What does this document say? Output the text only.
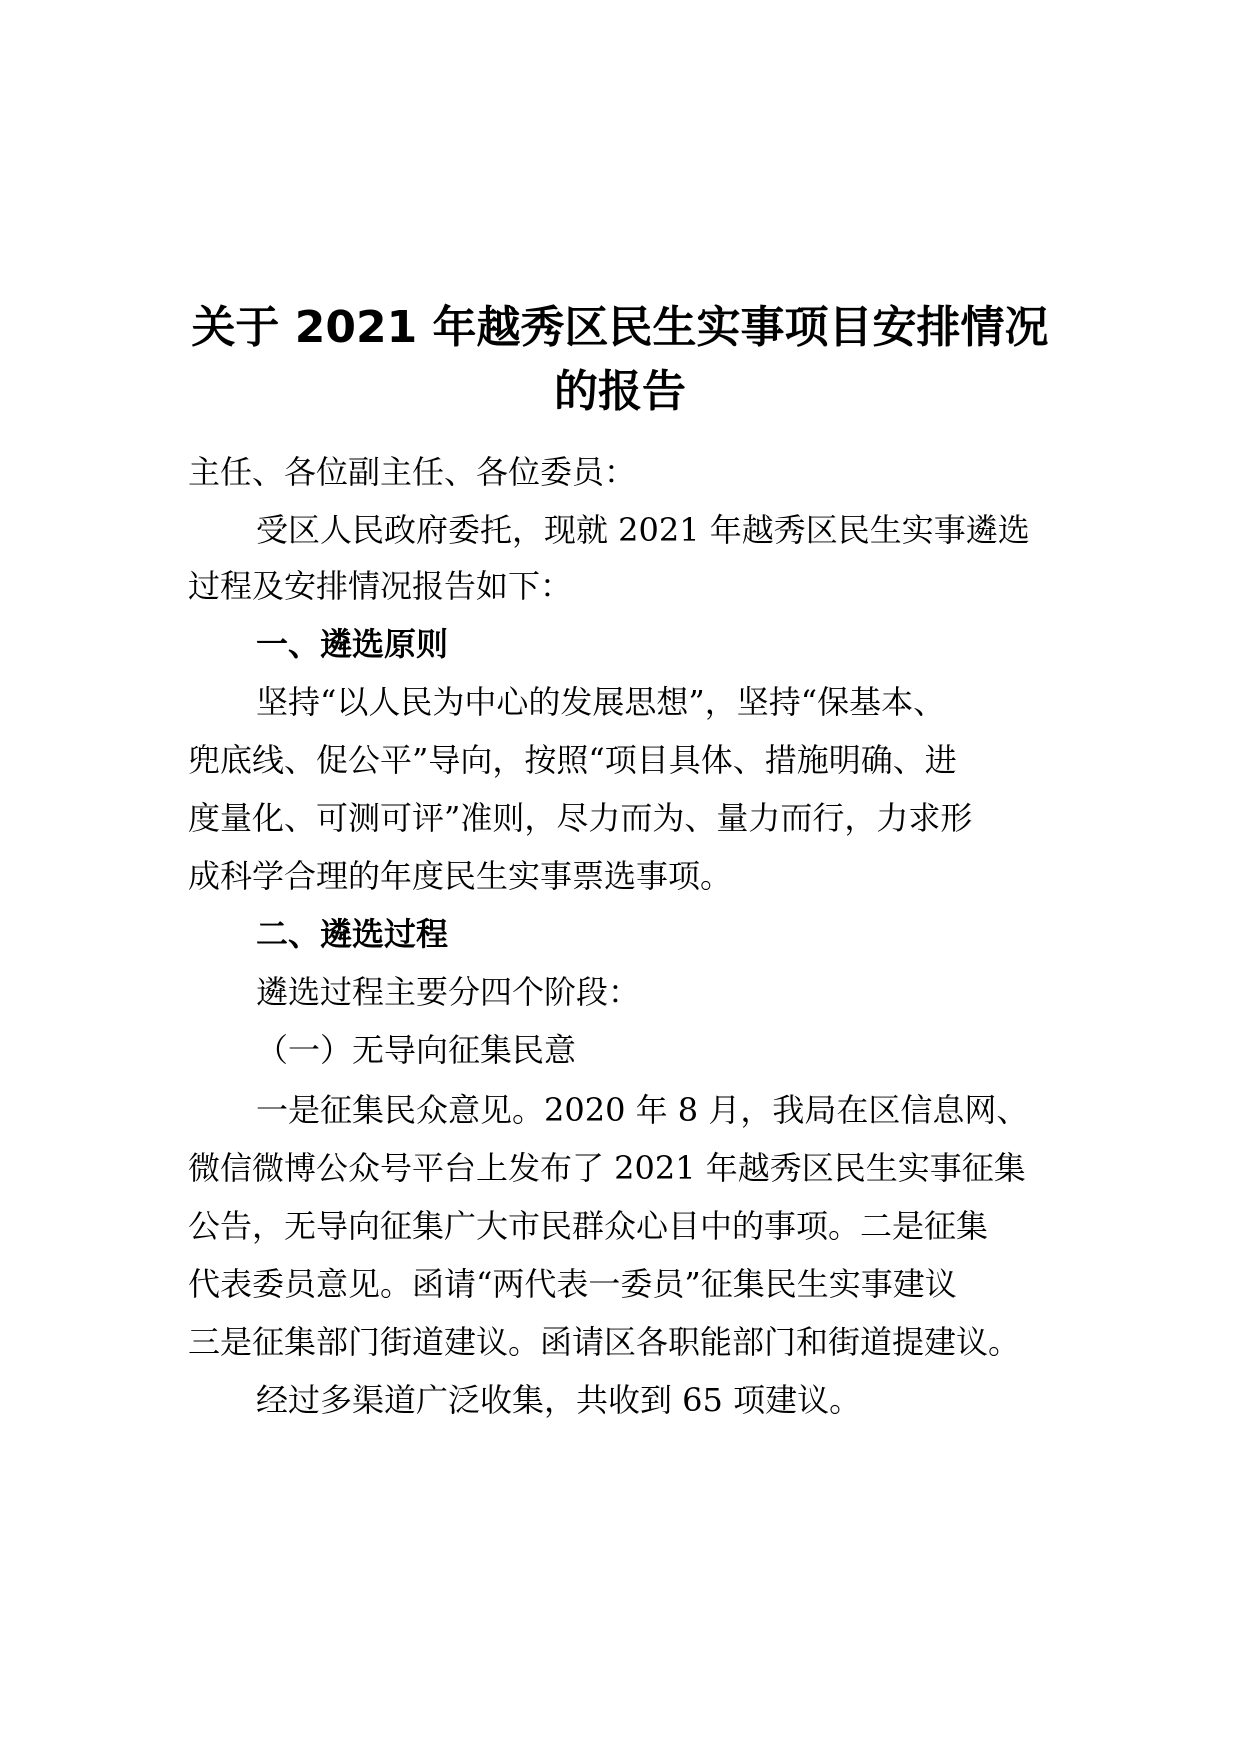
关于 2021 年越秀区民生实事项目安排情况
的报告
主任、各位副主任、各位委员：
受区人民政府委托，现就 2021 年越秀区民生实事遴选
过程及安排情况报告如下：
一、遴选原则
坚持“以人民为中心的发展思想”，坚持“保基本、
兜底线、促公平”导向，按照“项目具体、措施明确、进
度量化、可测可评”准则，尽力而为、量力而行，力求形
成科学合理的年度民生实事票选事项。
二、遴选过程
遴选过程主要分四个阶段：
（一）无导向征集民意
一是征集民众意见。2020 年 8 月，我局在区信息网、
微信微博公众号平台上发布了 2021 年越秀区民生实事征集
公告，无导向征集广大市民群众心目中的事项。二是征集
代表委员意见。函请“两代表一委员”征集民生实事建议
三是征集部门街道建议。函请区各职能部门和街道提建议。
经过多渠道广泛收集，共收到 65 项建议。
